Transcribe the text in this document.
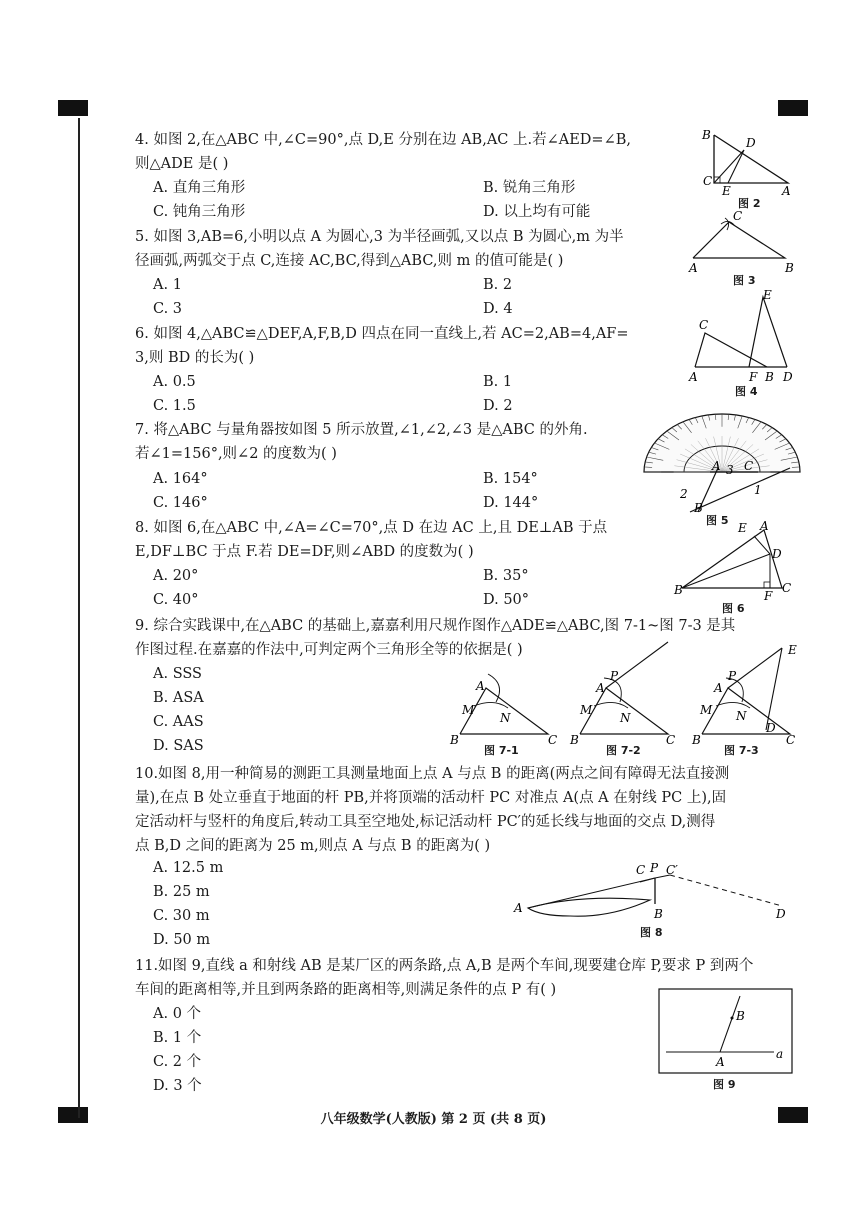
4. 如图 2,在△ABC 中,∠C=90°,点 D,E 分别在边 AB,AC 上.若∠AED=∠B,
则△ADE 是( )
A. 直角三角形	B. 锐角三角形
C. 钝角三角形	D. 以上均有可能
B
D
C
E	A
图 2
5. 如图 3,AB=6,小明以点 A 为圆心,3 为半径画弧,又以点 B 为圆心,m 为半
径画弧,两弧交于点 C,连接 AC,BC,得到△ABC,则 m 的值可能是( )
A. 1	B. 2
C. 3	D. 4
C
A	B
图 3
6. 如图 4,△ABC≌△DEF,A,F,B,D 四点在同一直线上,若 AC=2,AB=4,AF=
3,则 BD 的长为( )
A. 0.5	B. 1
C. 1.5	D. 2
C
E
A	F B D
图 4
7. 将△ABC 与量角器按如图 5 所示放置,∠1,∠2,∠3 是△ABC 的外角.
若∠1=156°,则∠2 的度数为( )
A. 164°	B. 154°
C. 146°	D. 144°
A C
3
2	1
B
图 5
8. 如图 6,在△ABC 中,∠A=∠C=70°,点 D 在边 AC 上,且 DE⊥AB 于点
E,DF⊥BC 于点 F.若 DE=DF,则∠ABD 的度数为( )
A. 20°	B. 35°
C. 40°	D. 50°
E A
D
B	C
F
图 6
9. 综合实践课中,在△ABC 的基础上,嘉嘉利用尺规作图作△ADE≌△ABC,图 7-1~图 7-3 是其
作图过程.在嘉嘉的作法中,可判定两个三角形全等的依据是( )
A. SSS
B. ASA
C. AAS
D. SAS
A
M
N
B	C
图 7-1
P
A
M
N
B	C
图 7-2
E
P
A
M N
D
B	C
图 7-3
10.如图 8,用一种简易的测距工具测量地面上点 A 与点 B 的距离(两点之间有障碍无法直接测
量),在点 B 处立垂直于地面的杆 PB,并将顶端的活动杆 PC 对准点 A(点 A 在射线 PC 上),固
定活动杆与竖杆的角度后,转动工具至空地处,标记活动杆 PC′的延长线与地面的交点 D,测得
点 B,D 之间的距离为 25 m,则点 A 与点 B 的距离为( )
A. 12.5 m
B. 25 m
C. 30 m
D. 50 m
C P C′
A	B	D
图 8
11.如图 9,直线 a 和射线 AB 是某厂区的两条路,点 A,B 是两个车间,现要建仓库 P,要求 P 到两个
车间的距离相等,并且到两条路的距离相等,则满足条件的点 P 有( )
A. 0 个
B. 1 个
C. 2 个
D. 3 个
B
A
a
图 9
八年级数学(人教版) 第 2 页 (共 8 页)
